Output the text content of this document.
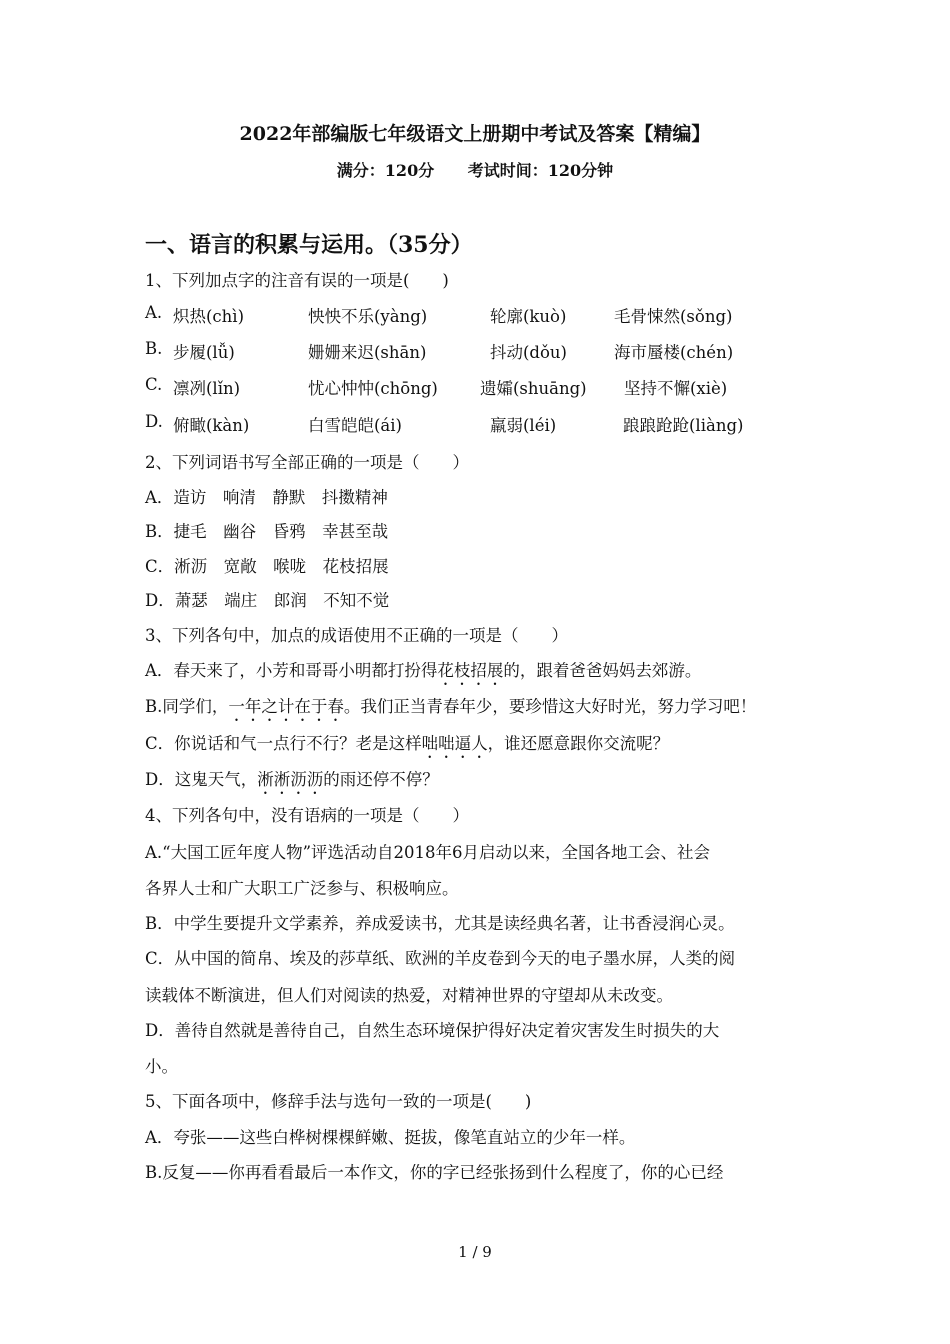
2022年部编版七年级语文上册期中考试及答案【精编】
满分：120分 考试时间：120分钟
一、语言的积累与运用。（35分）
1、下列加点字的注音有误的一项是(　　)
A. 炽热(chì)	怏怏不乐(yàng)	轮廓(kuò)	毛骨悚然(sǒng)
B. 步履(lǚ)	姗姗来迟(shān)	抖动(dǒu)	海市蜃楼(chén)
C. 凛冽(lǐn)	忧心忡忡(chōng)	遗孀(shuāng) 坚持不懈(xiè)
D. 俯瞰(kàn)	白雪皑皑(ái)	羸弱(léi)	踉踉跄跄(liàng)
2、下列词语书写全部正确的一项是（　　）
A．造访　响清　静默　抖擞精神
B．捷毛　幽谷　昏鸦　幸甚至哉
C．淅沥　宽敞　喉咙　花枝招展
D．萧瑟　端庄　郎润　不知不觉
3、下列各句中，加点的成语使用不正确的一项是（　　）
A．春天来了，小芳和哥哥小明都打扮得花枝招展的，跟着爸爸妈妈去郊游。
B.同学们，一年之计在于春。我们正当青春年少，要珍惜这大好时光，努力学习吧！
C．你说话和气一点行不行？老是这样咄咄逼人，谁还愿意跟你交流呢？
D．这鬼天气，淅淅沥沥的雨还停不停？
4、下列各句中，没有语病的一项是（　　）
A.“大国工匠年度人物”评选活动自2018年6月启动以来，全国各地工会、社会
各界人士和广大职工广泛参与、积极响应。
B．中学生要提升文学素养，养成爱读书，尤其是读经典名著，让书香浸润心灵。
C．从中国的简帛、埃及的莎草纸、欧洲的羊皮卷到今天的电子墨水屏，人类的阅
读载体不断演进，但人们对阅读的热爱，对精神世界的守望却从未改变。
D．善待自然就是善待自己，自然生态环境保护得好决定着灾害发生时损失的大
小。
5、下面各项中，修辞手法与选句一致的一项是(　　)
A．夸张——这些白桦树棵棵鲜嫩、挺拔，像笔直站立的少年一样。
B.反复——你再看看最后一本作文，你的字已经张扬到什么程度了，你的心已经
1 / 9
